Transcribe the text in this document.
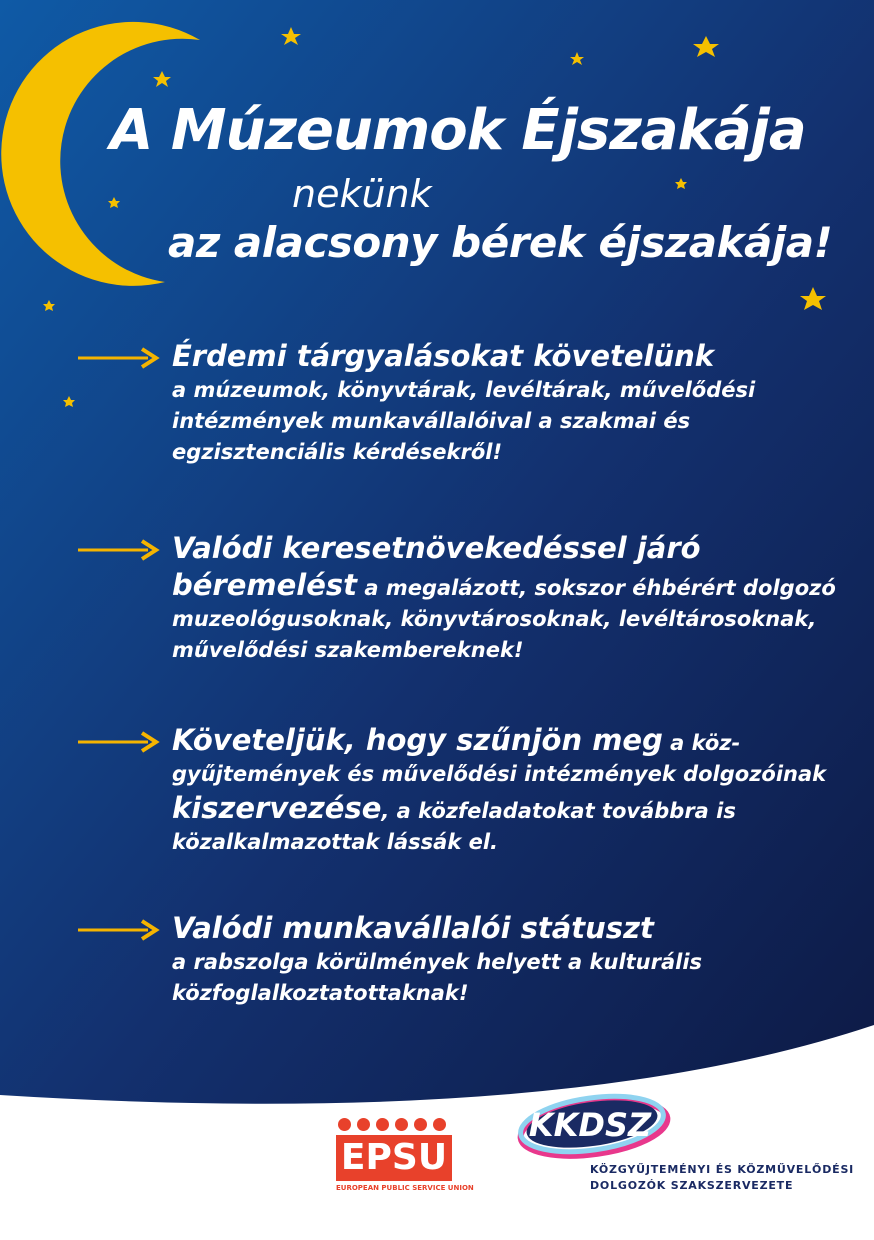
A Múzeumok Éjszakája
nekünk
az alacsony bérek éjszakája!
Érdemi tárgyalásokat követelünk
a múzeumok, könyvtárak, levéltárak, művelődési intézmények munkavállalóival a szakmai és egzisztenciális kérdésekről!
Valódi keresetnövekedéssel járó béremelést a megalázott, sokszor éhbérért dolgozó muzeológusoknak, könyvtárosoknak, levéltárosoknak, művelődési szakembereknek!
Követeljük, hogy szűnjön meg a köz-gyűjtemények és művelődési intézmények dolgozóinak kiszervezése, a közfeladatokat továbbra is közalkalmazottak lássák el.
Valódi munkavállalói státuszt
a rabszolga körülmények helyett a kulturális közfoglalkoztatottaknak!
EPSU
EUROPEAN PUBLIC SERVICE UNION
KKDSZ
KÖZGYŰJTEMÉNYI ÉS KÖZMŰVELŐDÉSI
DOLGOZÓK SZAKSZERVEZETE
